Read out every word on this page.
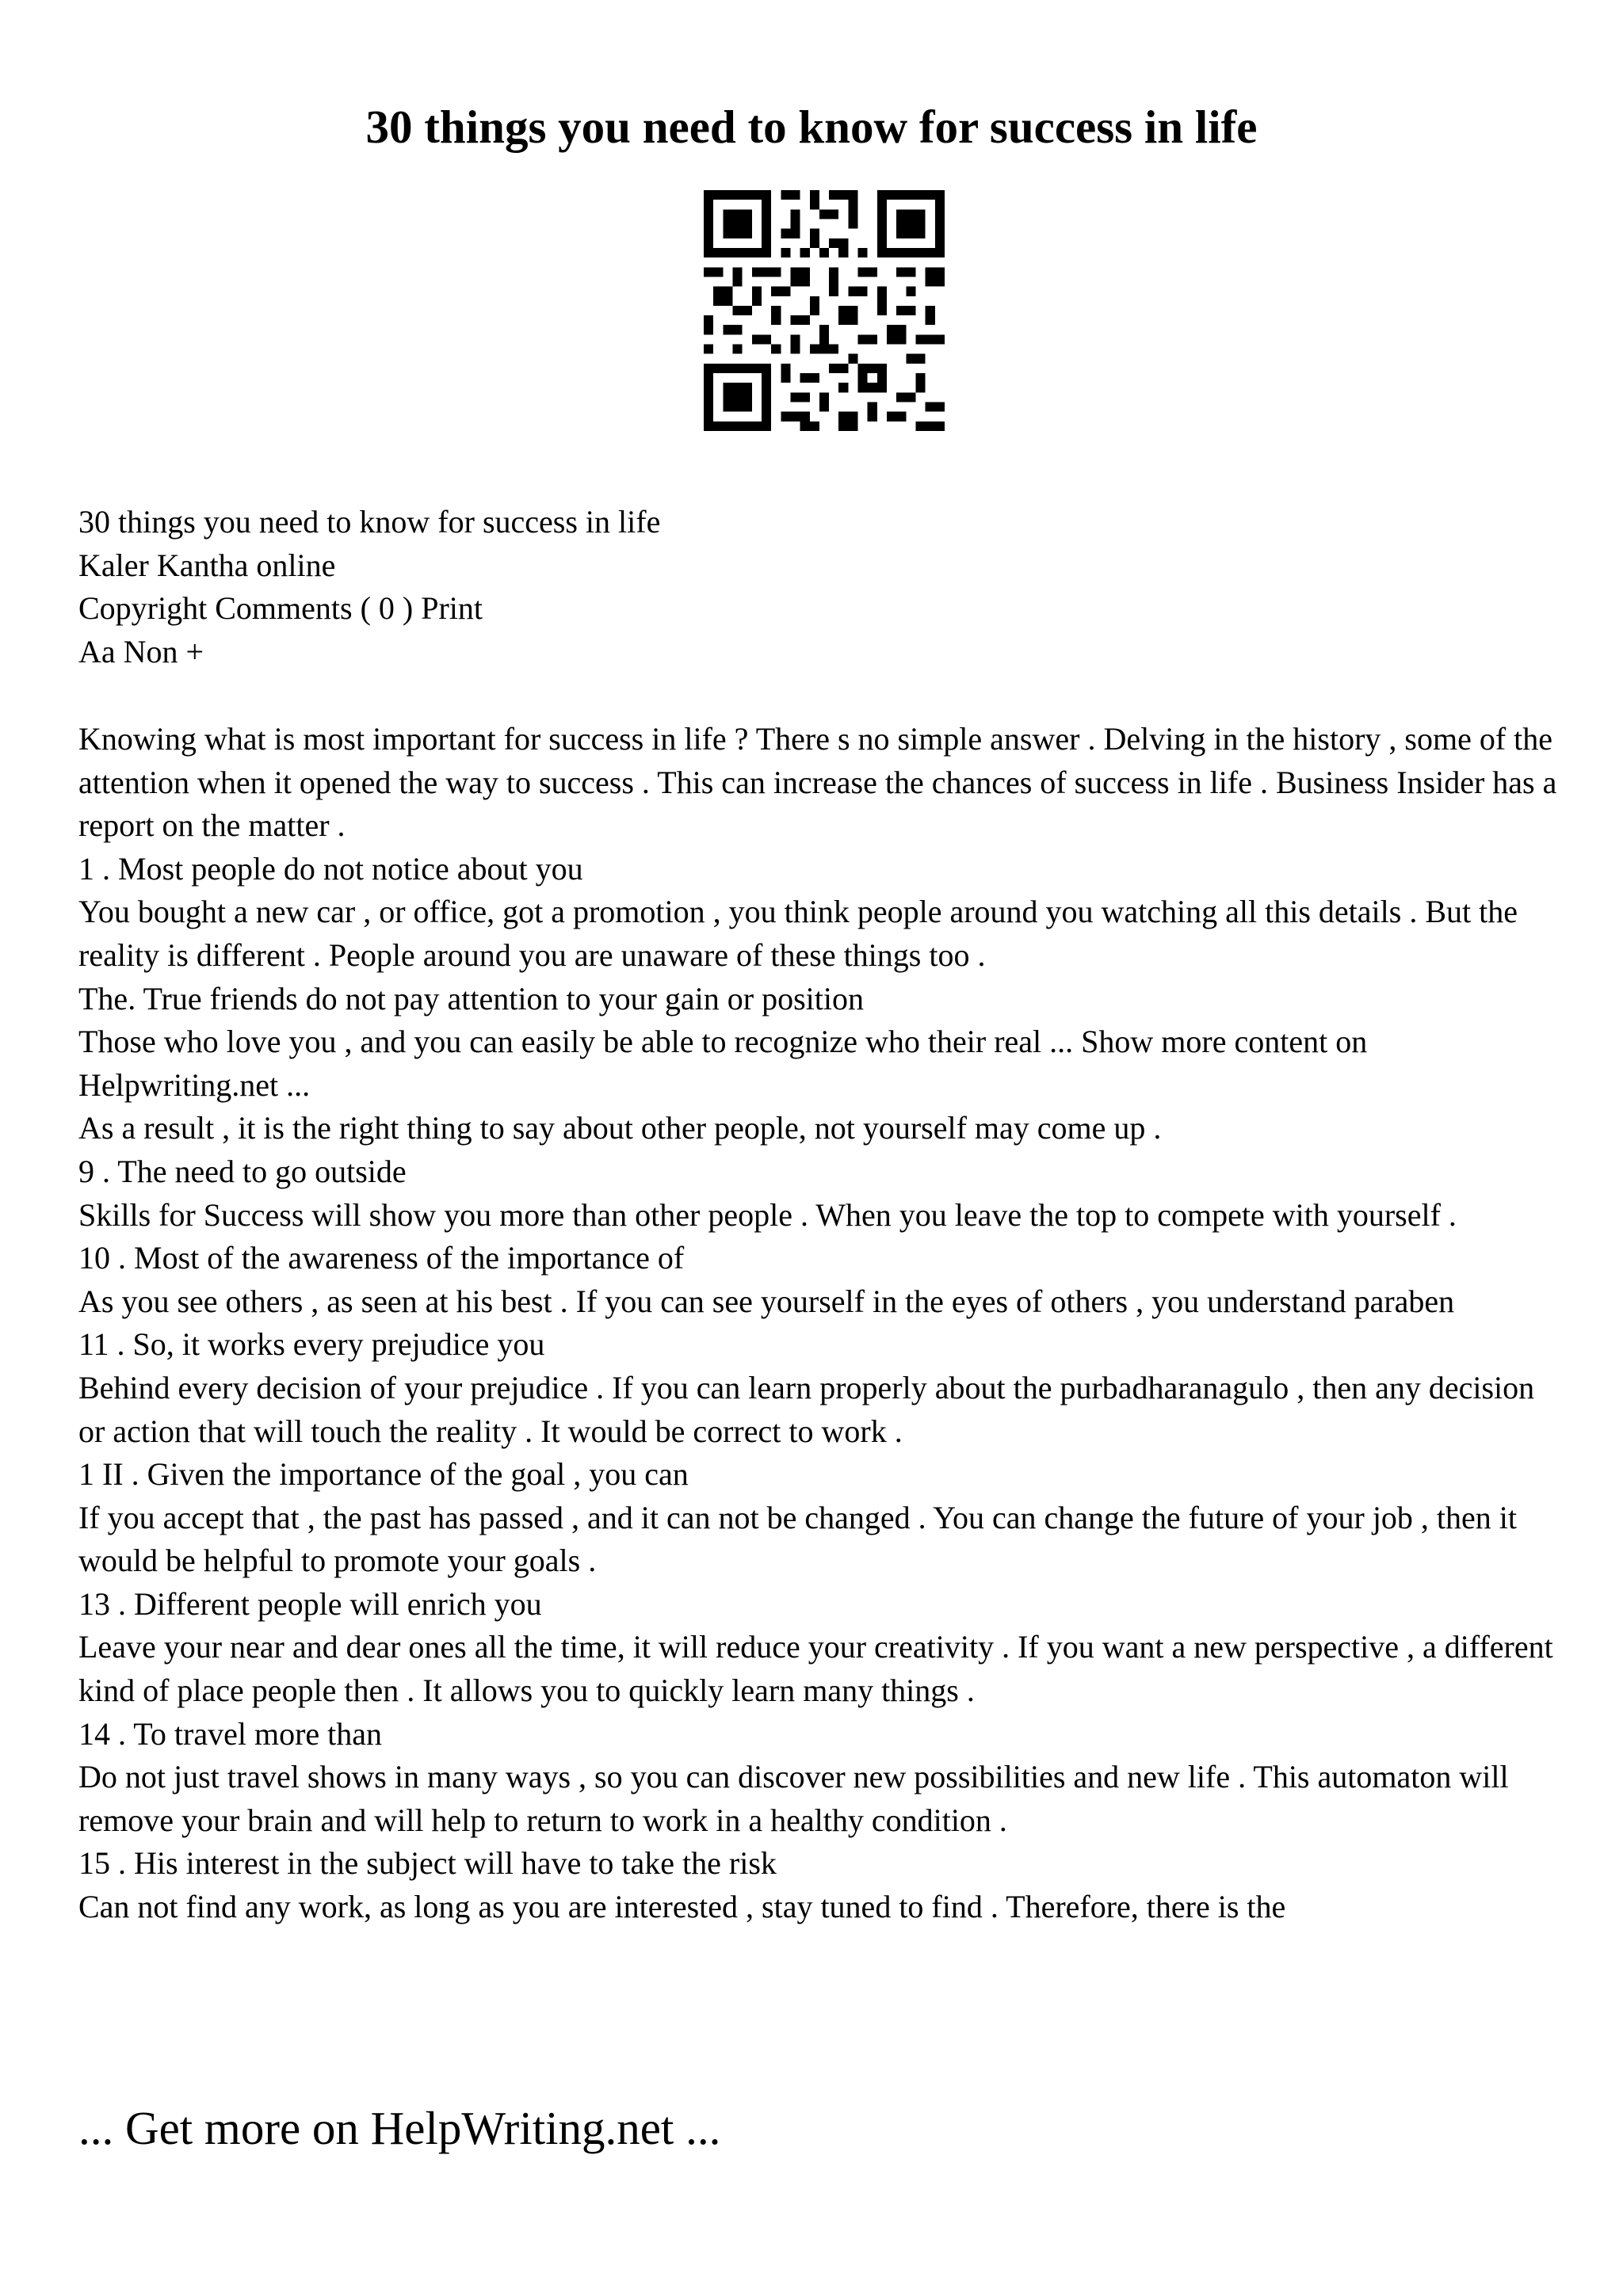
30 things you need to know for success in life
30 things you need to know for success in life
Kaler Kantha online
Copyright Comments ( 0 ) Print
Aa Non +

Knowing what is most important for success in life ? There s no simple answer . Delving in the history , some of the attention when it opened the way to success . This can increase the chances of success in life . Business Insider has a report on the matter .

1 . Most people do not notice about you

You bought a new car , or office, got a promotion , you think people around you watching all this details . But the reality is different . People around you are unaware of these things too .

The. True friends do not pay attention to your gain or position

Those who love you , and you can easily be able to recognize who their real ... Show more content on Helpwriting.net ...

As a result , it is the right thing to say about other people, not yourself may come up .

9 . The need to go outside

Skills for Success will show you more than other people . When you leave the top to compete with yourself .

10 . Most of the awareness of the importance of

As you see others , as seen at his best . If you can see yourself in the eyes of others , you understand paraben

11 . So, it works every prejudice you

Behind every decision of your prejudice . If you can learn properly about the purbadharanagulo , then any decision or action that will touch the reality . It would be correct to work .

1 II . Given the importance of the goal , you can

If you accept that , the past has passed , and it can not be changed . You can change the future of your job , then it would be helpful to promote your goals .

13 . Different people will enrich you

Leave your near and dear ones all the time, it will reduce your creativity . If you want a new perspective , a different kind of place people then . It allows you to quickly learn many things .

14 . To travel more than

Do not just travel shows in many ways , so you can discover new possibilities and new life . This automaton will remove your brain and will help to return to work in a healthy condition .

15 . His interest in the subject will have to take the risk

Can not find any work, as long as you are interested , stay tuned to find . Therefore, there is the

... Get more on HelpWriting.net ...
